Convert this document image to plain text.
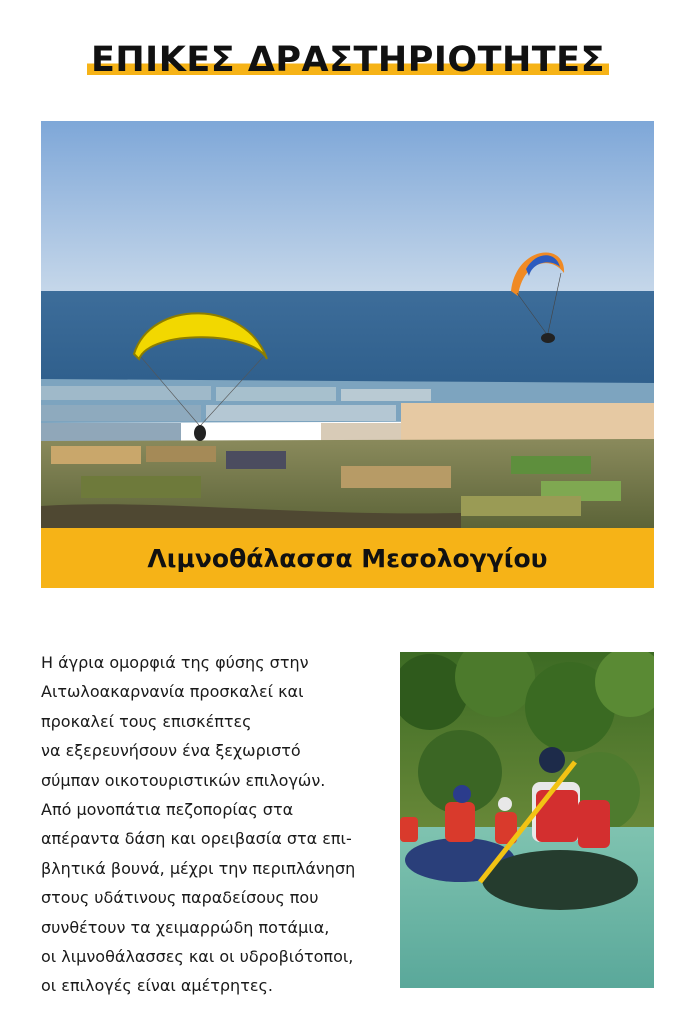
ΕΠΙΚΕΣ ΔΡΑΣΤΗΡΙΟΤΗΤΕΣ
Λιμνοθάλασσα Μεσολογγίου
Η άγρια ομορφιά της φύσης στην
Αιτωλοακαρνανία προσκαλεί και
προκαλεί τους επισκέπτες
να εξερευνήσουν ένα ξεχωριστό
σύμπαν οικοτουριστικών επιλογών.
Από μονοπάτια πεζοπορίας στα
απέραντα δάση και ορειβασία στα επι-
βλητικά βουνά, μέχρι την περιπλάνηση
στους υδάτινους παραδείσους που
συνθέτουν τα χειμαρρώδη ποτάμια,
οι λιμνοθάλασσες και οι υδροβιότοποι,
οι επιλογές είναι αμέτρητες.
